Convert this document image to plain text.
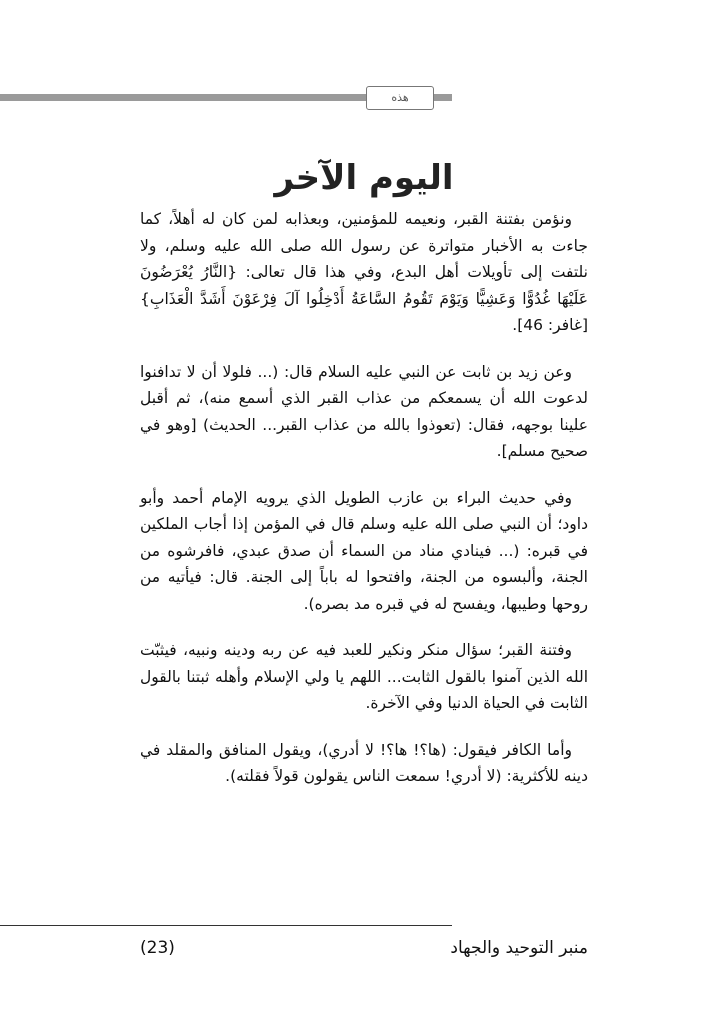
هذه
اليوم الآخر

ونؤمن بفتنة القبر، ونعيمه للمؤمنين، وبعذابه لمن كان له أهلاً، كما جاءت به الأخبار متواترة عن رسول الله صلى الله عليه وسلم، ولا نلتفت إلى تأويلات أهل البدع، وفي هذا قال تعالى: {النَّارُ يُعْرَضُونَ عَلَيْهَا غُدُوًّا وَعَشِيًّا وَيَوْمَ تَقُومُ السَّاعَةُ أَدْخِلُوا آلَ فِرْعَوْنَ أَشَدَّ الْعَذَابِ} [غافر: 46].

وعن زيد بن ثابت عن النبي عليه السلام قال: (... فلولا أن لا تدافنوا لدعوت الله أن يسمعكم من عذاب القبر الذي أسمع منه)، ثم أقبل علينا بوجهه، فقال: (تعوذوا بالله من عذاب القبر... الحديث) [وهو في صحيح مسلم].

وفي حديث البراء بن عازب الطويل الذي يرويه الإمام أحمد وأبو داود؛ أن النبي صلى الله عليه وسلم قال في المؤمن إذا أجاب الملكين في قبره: (... فينادي مناد من السماء أن صدق عبدي، فافرشوه من الجنة، وألبسوه من الجنة، وافتحوا له باباً إلى الجنة. قال: فيأتيه من روحها وطيبها، ويفسح له في قبره مد بصره).

وفتنة القبر؛ سؤال منكر ونكير للعبد فيه عن ربه ودينه ونبيه، فيثبّت الله الذين آمنوا بالقول الثابت... اللهم يا ولي الإسلام وأهله ثبتنا بالقول الثابت في الحياة الدنيا وفي الآخرة.

وأما الكافر فيقول: (ها؟! ها؟! لا أدري)، ويقول المنافق والمقلد في دينه للأكثرية: (لا أدري! سمعت الناس يقولون قولاً فقلته).

(23)	منبر التوحيد والجهاد
